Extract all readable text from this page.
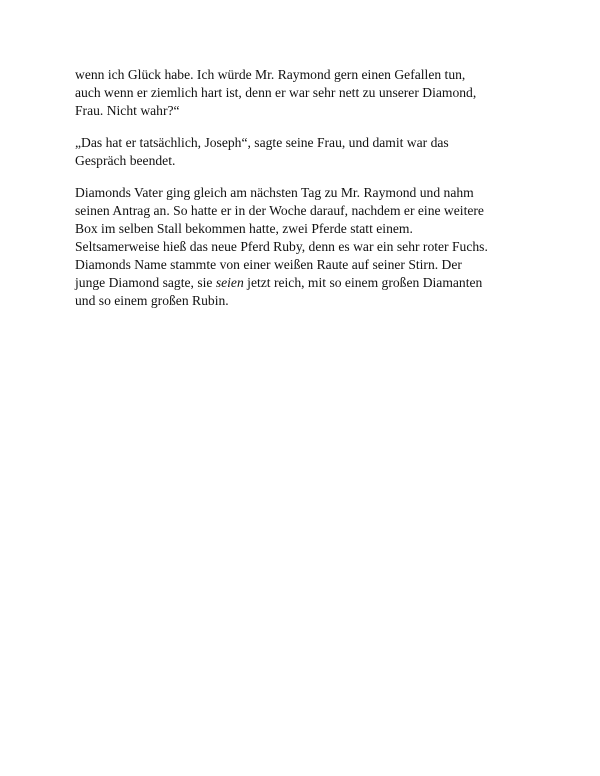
wenn ich Glück habe. Ich würde Mr. Raymond gern einen Gefallen tun,
auch wenn er ziemlich hart ist, denn er war sehr nett zu unserer Diamond,
Frau. Nicht wahr?“

„Das hat er tatsächlich, Joseph“, sagte seine Frau, und damit war das
Gespräch beendet.

Diamonds Vater ging gleich am nächsten Tag zu Mr. Raymond und nahm
seinen Antrag an. So hatte er in der Woche darauf, nachdem er eine weitere
Box im selben Stall bekommen hatte, zwei Pferde statt einem.
Seltsamerweise hieß das neue Pferd Ruby, denn es war ein sehr roter Fuchs.
Diamonds Name stammte von einer weißen Raute auf seiner Stirn. Der
junge Diamond sagte, sie seien jetzt reich, mit so einem großen Diamanten
und so einem großen Rubin.
